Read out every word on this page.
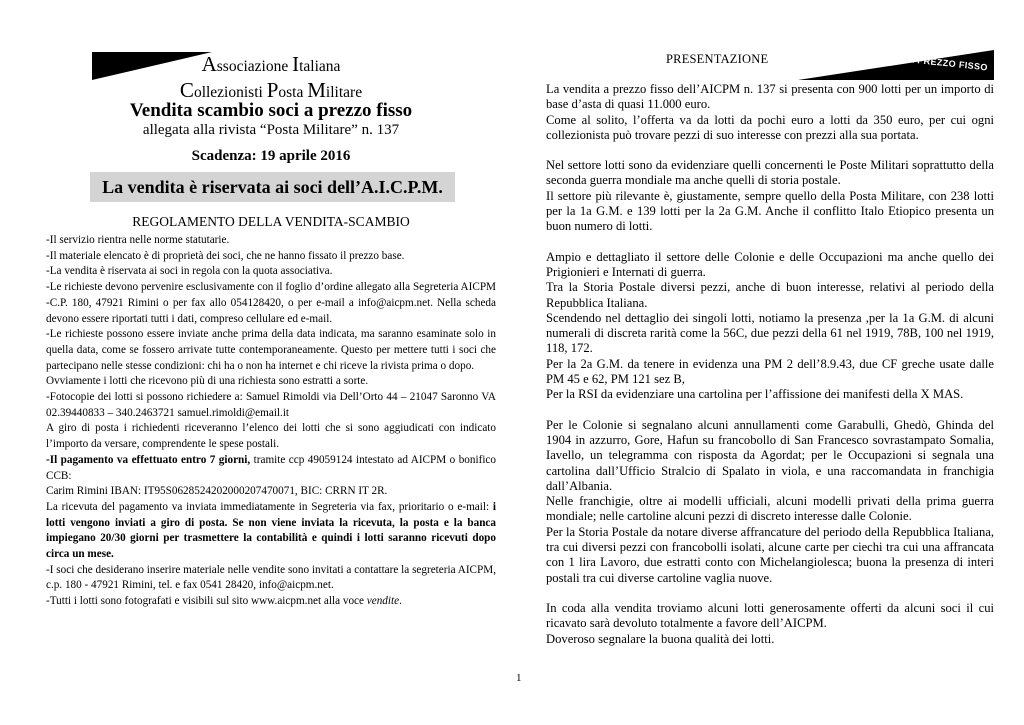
Associazione Italiana
Collezionisti Posta Militare
Vendita scambio soci a prezzo fisso
allegata alla rivista “Posta Militare” n. 137
Scadenza: 19 aprile 2016
La vendita è riservata ai soci dell’A.I.C.P.M.
REGOLAMENTO DELLA VENDITA-SCAMBIO

-Il servizio rientra nelle norme statutarie.

-Il materiale elencato è di proprietà dei soci, che ne hanno fissato il prezzo base.

-La vendita è riservata ai soci in regola con la quota associativa.

-Le richieste devono pervenire esclusivamente con il foglio d’ordine allegato alla Segreteria AICPM -C.P. 180, 47921 Rimini o per fax allo 054128420, o per e-mail a info@aicpm.net. Nella scheda devono essere riportati tutti i dati, compreso cellulare ed e-mail.

-Le richieste possono essere inviate anche prima della data indicata, ma saranno esaminate solo in quella data, come se fossero arrivate tutte contemporaneamente. Questo per mettere tutti i soci che partecipano nelle stesse condizioni: chi ha o non ha internet e chi riceve la rivista prima o dopo.

Ovviamente i lotti che ricevono più di una richiesta sono estratti a sorte.

-Fotocopie dei lotti si possono richiedere a: Samuel Rimoldi via Dell’Orto 44 – 21047 Saronno VA 02.39440833 – 340.2463721 samuel.rimoldi@email.it

A giro di posta i richiedenti riceveranno l’elenco dei lotti che si sono aggiudicati con indicato l’importo da versare, comprendente le spese postali.

-Il pagamento va effettuato entro 7 giorni, tramite ccp 49059124 intestato ad AICPM o bonifico CCB:

Carim Rimini IBAN: IT95S0628524202000207470071, BIC: CRRN IT 2R.

La ricevuta del pagamento va inviata immediatamente in Segreteria via fax, prioritario o e-mail: i lotti vengono inviati a giro di posta. Se non viene inviata la ricevuta, la posta e la banca impiegano 20/30 giorni per trasmettere la contabilità e quindi i lotti saranno ricevuti dopo circa un mese.

-I soci che desiderano inserire materiale nelle vendite sono invitati a contattare la segreteria AICPM, c.p. 180 - 47921 Rimini, tel. e fax 0541 28420, info@aicpm.net.

-Tutti i lotti sono fotografati e visibili sul sito www.aicpm.net alla voce vendite.

PRESENTAZIONE	VENDITA A PREZZO FISSO

La vendita a prezzo fisso dell’AICPM n. 137 si presenta con 900 lotti per un importo di base d’asta di quasi 11.000 euro.

Come al solito, l’offerta va da lotti da pochi euro a lotti da 350 euro, per cui ogni collezionista può trovare pezzi di suo interesse con prezzi alla sua portata.

Nel settore lotti sono da evidenziare quelli concernenti le Poste Militari soprattutto della seconda guerra mondiale ma anche quelli di storia postale.

Il settore più rilevante è, giustamente, sempre quello della Posta Militare, con 238 lotti per la 1a G.M. e 139 lotti per la 2a G.M. Anche il conflitto Italo Etiopico presenta un buon numero di lotti.

Ampio e dettagliato il settore delle Colonie e delle Occupazioni ma anche quello dei Prigionieri e Internati di guerra.

Tra la Storia Postale diversi pezzi, anche di buon interesse, relativi al periodo della Repubblica Italiana.

Scendendo nel dettaglio dei singoli lotti, notiamo la presenza ,per la 1a G.M. di alcuni numerali di discreta rarità come la 56C, due pezzi della 61 nel 1919, 78B, 100 nel 1919, 118, 172.

Per la 2a G.M. da tenere in evidenza una PM 2 dell’8.9.43, due CF greche usate dalle PM 45 e 62, PM 121 sez B,

Per la RSI da evidenziare una cartolina per l’affissione dei manifesti della X MAS.

Per le Colonie si segnalano alcuni annullamenti come Garabulli, Ghedò, Ghinda del 1904 in azzurro, Gore, Hafun su francobollo di San Francesco sovrastampato Somalia, Iavello, un telegramma con risposta da Agordat; per le Occupazioni si segnala una cartolina dall’Ufficio Stralcio di Spalato in viola, e una raccomandata in franchigia dall’Albania.

Nelle franchigie, oltre ai modelli ufficiali, alcuni modelli privati della prima guerra mondiale; nelle cartoline alcuni pezzi di discreto interesse dalle Colonie.

Per la Storia Postale da notare diverse affrancature del periodo della Repubblica Italiana, tra cui diversi pezzi con francobolli isolati, alcune carte per ciechi tra cui una affrancata con 1 lira Lavoro, due estratti conto con Michelangiolesca; buona la presenza di interi postali tra cui diverse cartoline vaglia nuove.

In coda alla vendita troviamo alcuni lotti generosamente offerti da alcuni soci il cui ricavato sarà devoluto totalmente a favore dell’AICPM.

Doveroso segnalare la buona qualità dei lotti.

1
